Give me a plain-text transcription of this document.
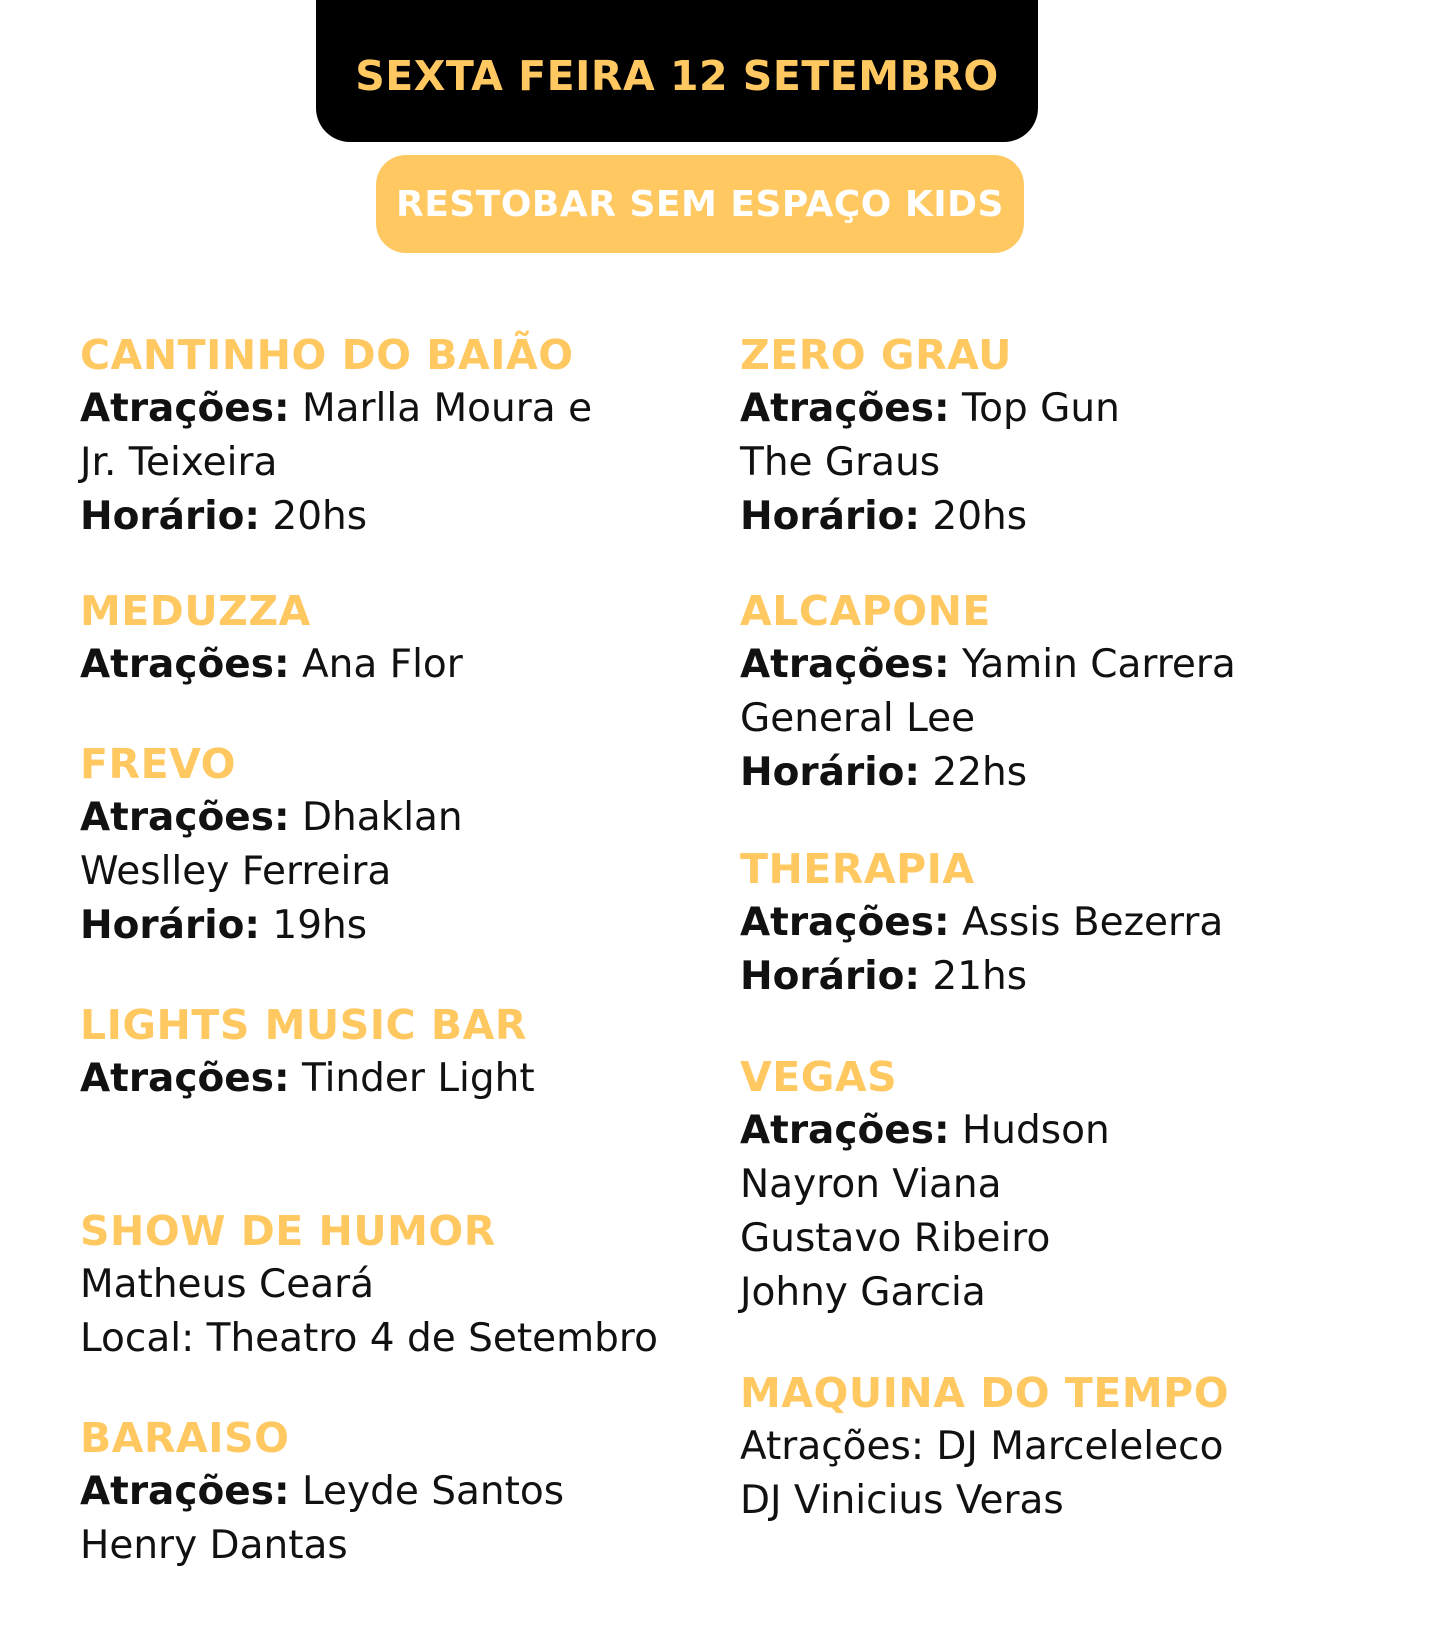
SEXTA FEIRA 12 SETEMBRO
RESTOBAR SEM ESPAÇO KIDS
CANTINHO DO BAIÃO
Atrações: Marlla Moura e
Jr. Teixeira
Horário: 20hs
MEDUZZA
Atrações: Ana Flor
FREVO
Atrações: Dhaklan
Weslley Ferreira
Horário: 19hs
LIGHTS MUSIC BAR
Atrações: Tinder Light
SHOW DE HUMOR
Matheus Ceará
Local: Theatro 4 de Setembro
BARAISO
Atrações: Leyde Santos
Henry Dantas
ZERO GRAU
Atrações: Top Gun
The Graus
Horário: 20hs
ALCAPONE
Atrações: Yamin Carrera
General Lee
Horário: 22hs
THERAPIA
Atrações: Assis Bezerra
Horário: 21hs
VEGAS
Atrações: Hudson
Nayron Viana
Gustavo Ribeiro
Johny Garcia
MAQUINA DO TEMPO
Atrações: DJ Marceleleco
DJ Vinicius Veras
